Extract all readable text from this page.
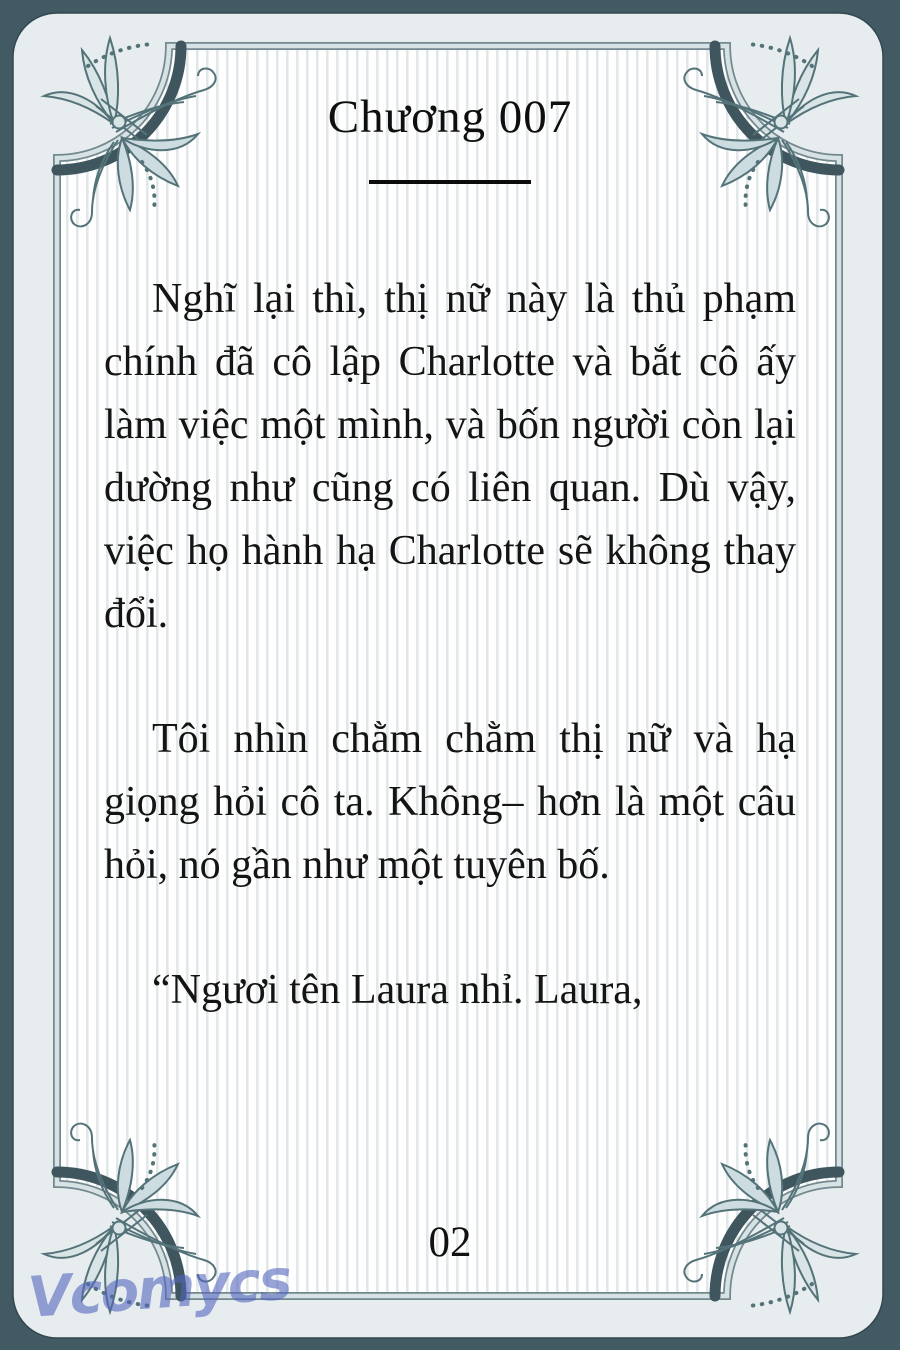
Chương 007

Nghĩ lại thì, thị nữ này là thủ phạm chính đã cô lập Charlotte và bắt cô ấy làm việc một mình, và bốn người còn lại dường như cũng có liên quan. Dù vậy, việc họ hành hạ Charlotte sẽ không thay đổi.

Tôi nhìn chằm chằm thị nữ và hạ giọng hỏi cô ta. Không– hơn là một câu hỏi, nó gần như một tuyên bố.

“Ngươi tên Laura nhỉ. Laura,

02
Vcomycs
